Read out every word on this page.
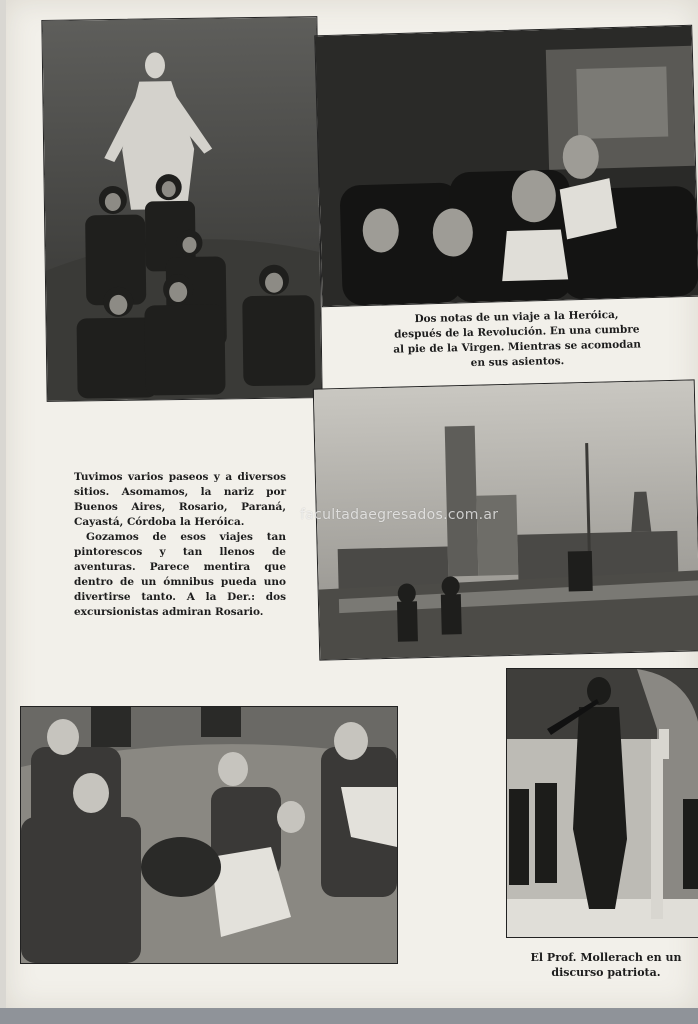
Dos notas de un viaje a la Heróica, después de la Revolución. En una cumbre al pie de la Virgen. Mientras se acomodan en sus asientos.

facultadaegresados.com.ar

Tuvimos varios paseos y a diversos sitios. Asomamos, la nariz por Buenos Aires, Rosario, Paraná, Cayastá, Córdoba la Heróica.

Gozamos de esos viajes tan pintorescos y tan llenos de aventuras. Parece mentira que dentro de un ómnibus pueda uno divertirse tanto. A la Der.: dos excursionistas admiran Rosario.

El Prof. Mollerach en un discurso patriota.
